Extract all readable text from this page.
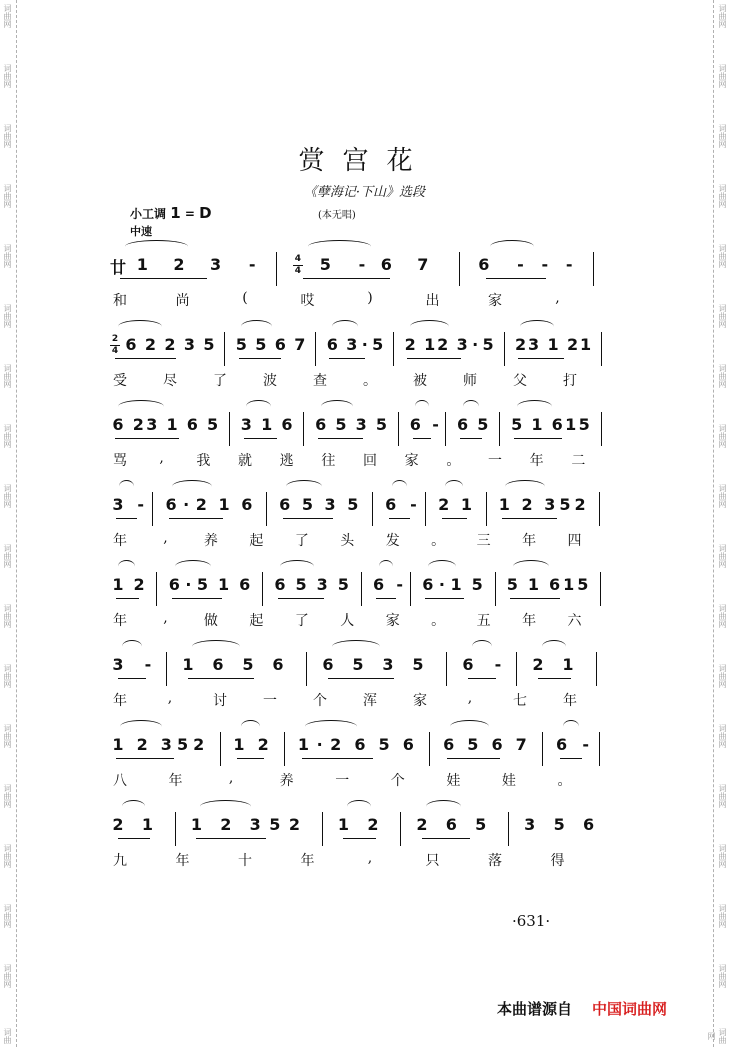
词曲网
词曲网
词曲网
词曲网
词曲网
词曲网
词曲网
词曲网
词曲网
词曲网
词曲网
词曲网
词曲网
词曲网
词曲网
词曲网
词曲网
词曲
词曲网
词曲网
词曲网
词曲网
词曲网
词曲网
词曲网
词曲网
词曲网
词曲网
词曲网
词曲网
词曲网
词曲网
词曲网
词曲网
词曲网
词曲网
赏宫花
《孽海记·下山》选段
小工调 1 = D	(本无唱)
中速
廿 1 2 3 -	4
4 5 - 6 7	6 - - -
和	尚	(	哎	)	出	家	,
2
4 6 2 2 3 5 5 5 6 7 6 3 · 5 2 1 2 3 · 5 2 3 1 2 1
受	尽	了	波	查	。	被	师	父	打
6 2 3 1 6 5 3 1 6 6 5 3 5 6 - 6 5 5 1 6 1 5
骂	,	我 就 逃 往 回 家 。 一 年 二
3 - 6 · 2 1 6 6 5 3 5 6 - 2 1 1 2 3 5 2
年	,	养 起 了 头 发 。 三 年 四
1 2 6 · 5 1 6 6 5 3 5 6 - 6 · 1 5 5 1 6 1 5
年	,	做 起 了 人 家 。 五 年 六
3 - 1 6 5 6 6 5 3 5 6 - 2 1
年	,	讨	一	个	浑	家	,	七	年
1 2 3 5 2 1 2 1 · 2 6 5 6 6 5 6 7 6 -
八	年	,	养	一	个	娃	娃	。
2 1 1 2 3 5 2 1 2 2 6 5 3 5 6
九	年	十	年	,	只	落	得
·631·
本曲谱源自 中国词曲网
